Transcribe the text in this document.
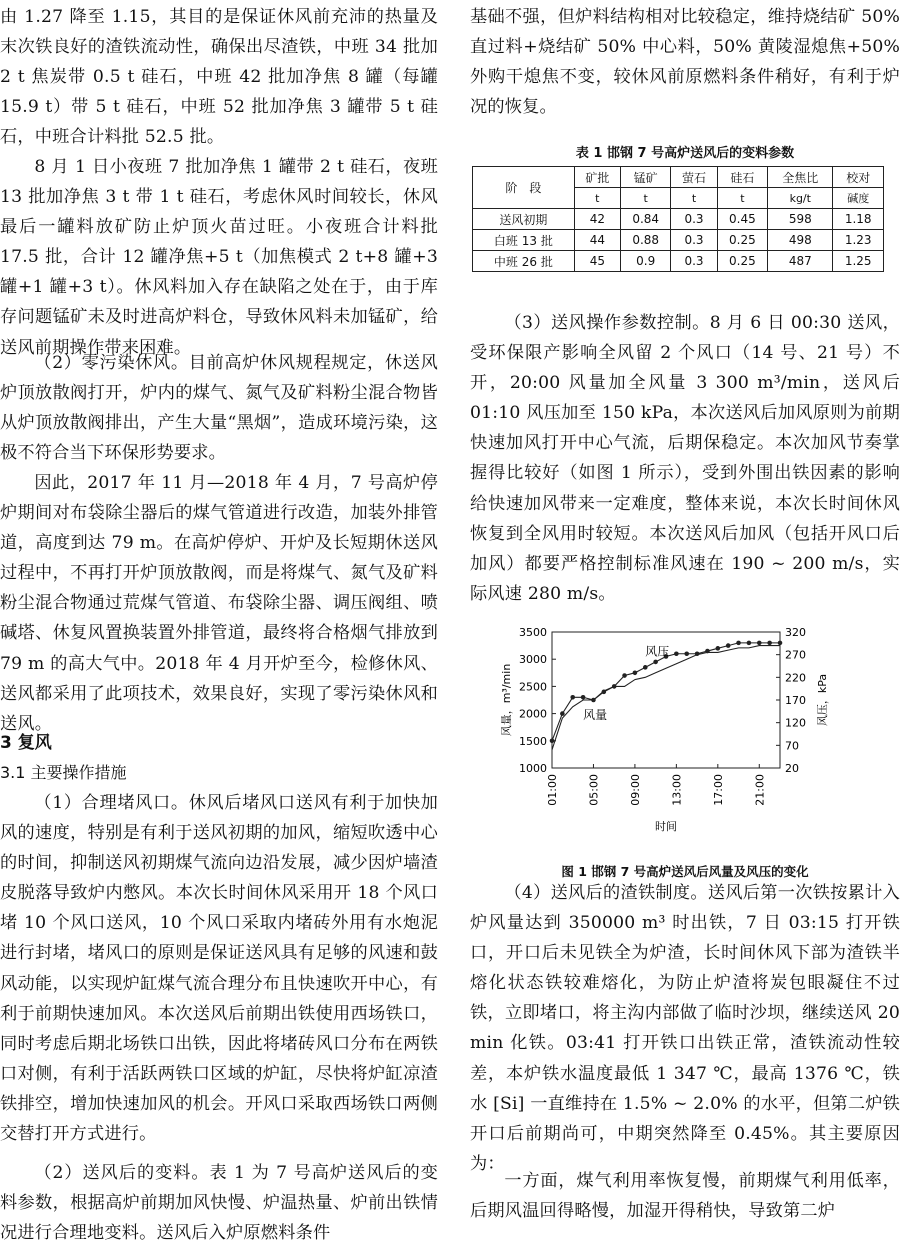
由 1.27 降至 1.15，其目的是保证休风前充沛的热量及末次铁良好的渣铁流动性，确保出尽渣铁，中班 34 批加 2 t 焦炭带 0.5 t 硅石，中班 42 批加净焦 8 罐（每罐 15.9 t）带 5 t 硅石，中班 52 批加净焦 3 罐带 5 t 硅石，中班合计料批 52.5 批。

8 月 1 日小夜班 7 批加净焦 1 罐带 2 t 硅石，夜班 13 批加净焦 3 t 带 1 t 硅石，考虑休风时间较长，休风最后一罐料放矿防止炉顶火苗过旺。小夜班合计料批 17.5 批，合计 12 罐净焦+5 t（加焦模式 2 t+8 罐+3 罐+1 罐+3 t）。休风料加入存在缺陷之处在于，由于库存问题锰矿未及时进高炉料仓，导致休风料未加锰矿，给送风前期操作带来困难。

（2）零污染休风。目前高炉休风规程规定，休送风炉顶放散阀打开，炉内的煤气、氮气及矿料粉尘混合物皆从炉顶放散阀排出，产生大量“黑烟”，造成环境污染，这极不符合当下环保形势要求。

因此，2017 年 11 月—2018 年 4 月，7 号高炉停炉期间对布袋除尘器后的煤气管道进行改造，加装外排管道，高度到达 79 m。在高炉停炉、开炉及长短期休送风过程中，不再打开炉顶放散阀，而是将煤气、氮气及矿料粉尘混合物通过荒煤气管道、布袋除尘器、调压阀组、喷碱塔、休复风置换装置外排管道，最终将合格烟气排放到 79 m 的高大气中。2018 年 4 月开炉至今，检修休风、送风都采用了此项技术，效果良好，实现了零污染休风和送风。

3 复风

3.1 主要操作措施

（1）合理堵风口。休风后堵风口送风有利于加快加风的速度，特别是有利于送风初期的加风，缩短吹透中心的时间，抑制送风初期煤气流向边沿发展，减少因炉墙渣皮脱落导致炉内憋风。本次长时间休风采用开 18 个风口堵 10 个风口送风，10 个风口采取内堵砖外用有水炮泥进行封堵，堵风口的原则是保证送风具有足够的风速和鼓风动能，以实现炉缸煤气流合理分布且快速吹开中心，有利于前期快速加风。本次送风后前期出铁使用西场铁口，同时考虑后期北场铁口出铁，因此将堵砖风口分布在两铁口对侧，有利于活跃两铁口区域的炉缸，尽快将炉缸凉渣铁排空，增加快速加风的机会。开风口采取西场铁口两侧交替打开方式进行。

（2）送风后的变料。表 1 为 7 号高炉送风后的变料参数，根据高炉前期加风快慢、炉温热量、炉前出铁情况进行合理地变料。送风后入炉原燃料条件

基础不强，但炉料结构相对比较稳定，维持烧结矿 50% 直过料+烧结矿 50% 中心料，50% 黄陵湿熄焦+50% 外购干熄焦不变，较休风前原燃料条件稍好，有利于炉况的恢复。

表 1 邯钢 7 号高炉送风后的变料参数

阶　段	矿批	锰矿	萤石	硅石	全焦比	校对
	t	t	t	t	kg/t	碱度
送风初期	42	0.84	0.3	0.45	598	1.18
白班 13 批	44	0.88	0.3	0.25	498	1.23
中班 26 批	45	0.9	0.3	0.25	487	1.25

（3）送风操作参数控制。8 月 6 日 00:30 送风，受环保限产影响全风留 2 个风口（14 号、21 号）不开，20:00 风量加全风量 3 300 m³/min，送风后 01:10 风压加至 150 kPa，本次送风后加风原则为前期快速加风打开中心气流，后期保稳定。本次加风节奏掌握得比较好（如图 1 所示），受到外围出铁因素的影响给快速加风带来一定难度，整体来说，本次长时间休风恢复到全风用时较短。本次送风后加风（包括开风口后加风）都要严格控制标准风速在 190 ~ 200 m/s，实际风速 280 m/s。

1000
1500
2000
2500
3000
3500
20
70
120
170
220
270
320
01:00	05:00	09:00	13:00	17:00	21:00
时间
风量，m³/min	风压，kPa
风压
风量
图 1 邯钢 7 号高炉送风后风量及风压的变化

（4）送风后的渣铁制度。送风后第一次铁按累计入炉风量达到 350000 m³ 时出铁，7 日 03:15 打开铁口，开口后未见铁全为炉渣，长时间休风下部为渣铁半熔化状态铁较难熔化，为防止炉渣将炭包眼凝住不过铁，立即堵口，将主沟内部做了临时沙坝，继续送风 20 min 化铁。03:41 打开铁口出铁正常，渣铁流动性较差，本炉铁水温度最低 1 347 ℃，最高 1376 ℃，铁水 [Si] 一直维持在 1.5% ~ 2.0% 的水平，但第二炉铁开口后前期尚可，中期突然降至 0.45%。其主要原因为：

一方面，煤气利用率恢复慢，前期煤气利用低率，后期风温回得略慢，加湿开得稍快，导致第二炉
